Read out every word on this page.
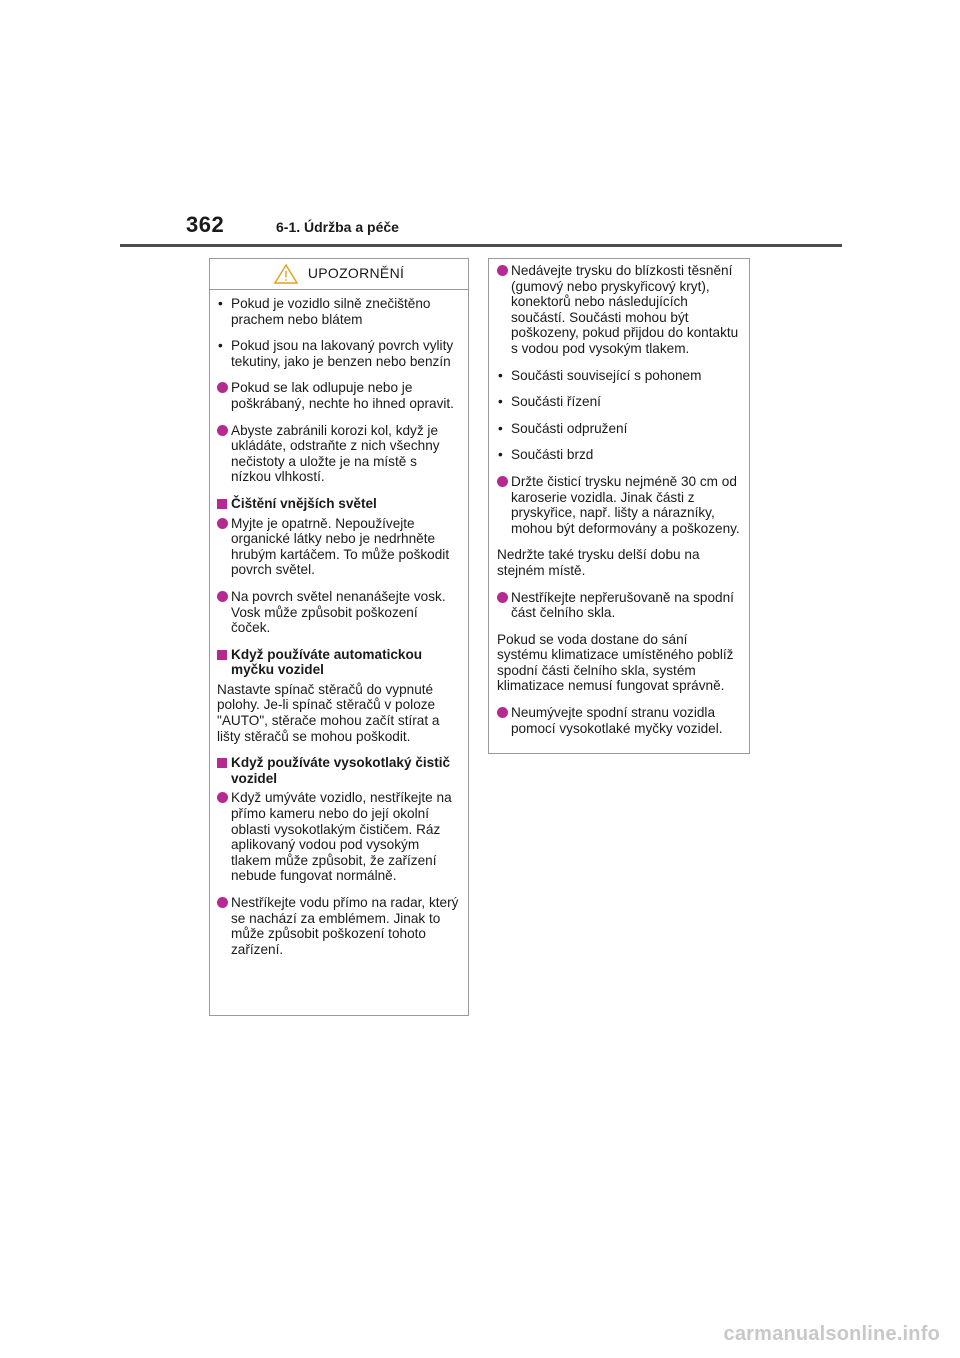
362	6-1. Údržba a péče
UPOZORNĚNÍ
• Pokud je vozidlo silně znečištěno prachem nebo blátem
• Pokud jsou na lakovaný povrch vylity tekutiny, jako je benzen nebo benzín
Pokud se lak odlupuje nebo je poškrábaný, nechte ho ihned opravit.
Abyste zabránili korozi kol, když je ukládáte, odstraňte z nich všechny nečistoty a uložte je na místě s nízkou vlhkostí.
Čištění vnějších světel
Myjte je opatrně. Nepoužívejte organické látky nebo je nedrhněte hrubým kartáčem. To může poškodit povrch světel.
Na povrch světel nenanášejte vosk. Vosk může způsobit poškození čoček.
Když používáte automatickou myčku vozidel
Nastavte spínač stěračů do vypnuté polohy. Je-li spínač stěračů v poloze "AUTO", stěrače mohou začít stírat a lišty stěračů se mohou poškodit.
Když používáte vysokotlaký čistič vozidel
Když umýváte vozidlo, nestříkejte na přímo kameru nebo do její okolní oblasti vysokotlakým čističem. Ráz aplikovaný vodou pod vysokým tlakem může způsobit, že zařízení nebude fungovat normálně.
Nestříkejte vodu přímo na radar, který se nachází za emblémem. Jinak to může způsobit poškození tohoto zařízení.
Nedávejte trysku do blízkosti těsnění (gumový nebo pryskyřicový kryt), konektorů nebo následujících součástí. Součásti mohou být poškozeny, pokud přijdou do kontaktu s vodou pod vysokým tlakem.
• Součásti související s pohonem
• Součásti řízení
• Součásti odpružení
• Součásti brzd
Držte čisticí trysku nejméně 30 cm od karoserie vozidla. Jinak části z pryskyřice, např. lišty a nárazníky, mohou být deformovány a poškozeny.
Nedržte také trysku delší dobu na stejném místě.
Nestříkejte nepřerušovaně na spodní část čelního skla.
Pokud se voda dostane do sání systému klimatizace umístěného poblíž spodní části čelního skla, systém klimatizace nemusí fungovat správně.
Neumývejte spodní stranu vozidla pomocí vysokotlaké myčky vozidel.
carmanualsonline.info
